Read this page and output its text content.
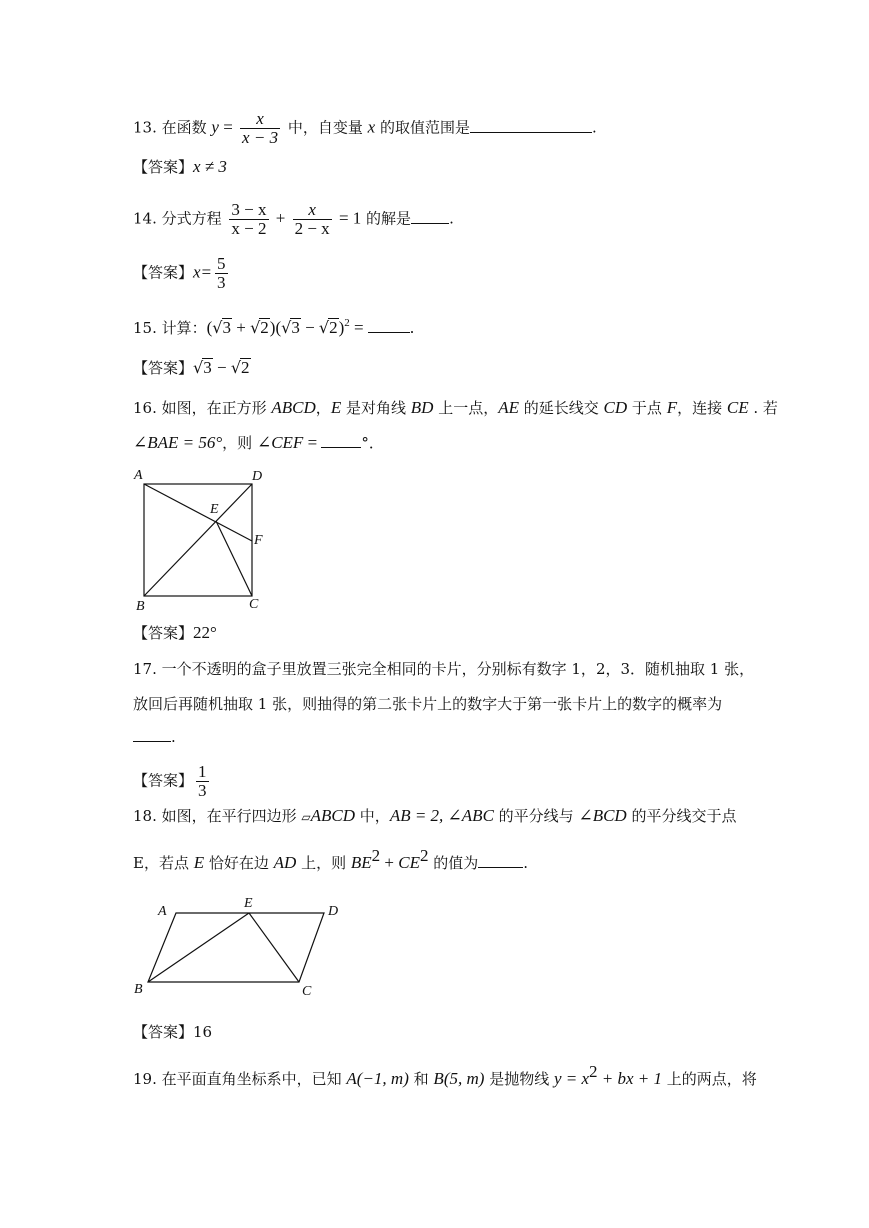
13. 在函数 $y = \frac{x}{x - 3}$ 中，自变量 x 的取值范围是	.
【答案】x ≠ 3
14. 分式方程 $\frac{3 - x}{x - 2} + \frac{x}{2 - x} = 1$ 的解是	.
【答案】$x= \frac{5}{3}$
15. 计算：$(√3 + √2)(√3 - √2)^2$ = .
【答案】√3 − √2
16. 如图，在正方形 ABCD，E 是对角线 BD 上一点，AE 的延长线交 CD 于点 F，连接 CE . 若
∠BAE = 56°，则 ∠CEF =	°．
A	D
E
F
B	C
【答案】22°
17. 一个不透明的盒子里放置三张完全相同的卡片，分别标有数字 1，2，3．随机抽取 1 张，
放回后再随机抽取 1 张，则抽得的第二张卡片上的数字大于第一张卡片上的数字的概率为
.
【答案】 $\frac{1}{3}$
18. 如图，在平行四边形 ▱ABCD 中，AB = 2, ∠ABC 的平分线与 ∠BCD 的平分线交于点
E，若点 E 恰好在边 AD 上，则 $BE^2 + CE^2$ 的值为	.
A
E
D
B	C
【答案】16
19. 在平面直角坐标系中，已知 A(−1, m) 和 B(5, m) 是抛物线 $y = x^2$ + bx + 1 上的两点，将
